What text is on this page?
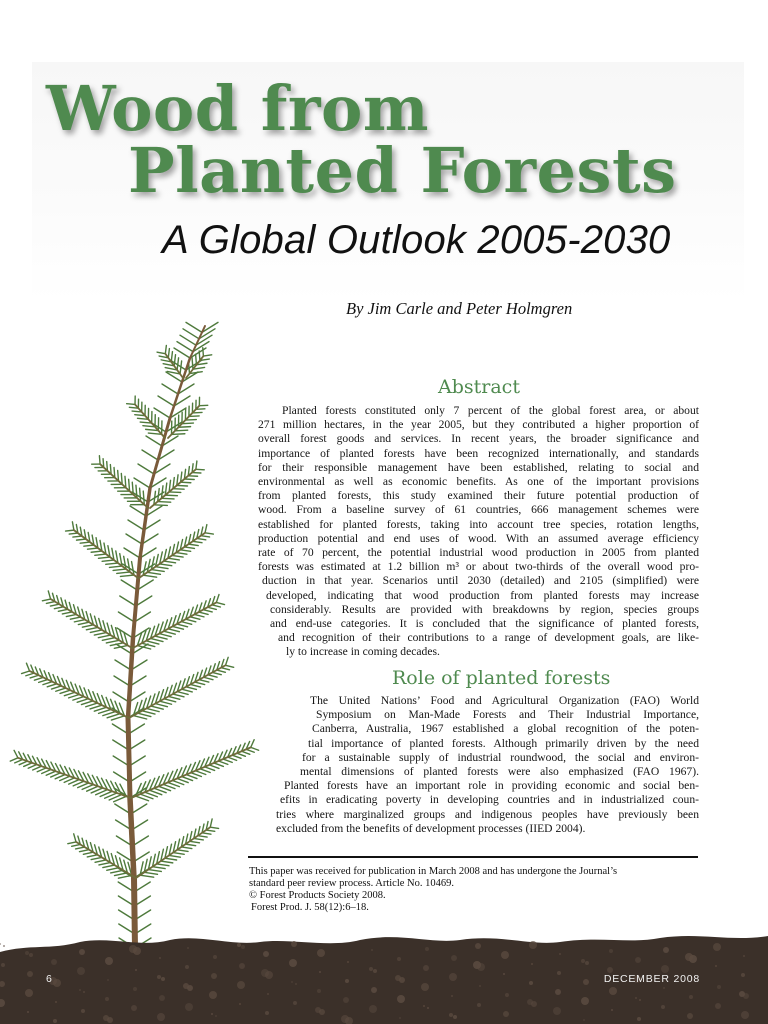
Wood from
Planted Forests
A Global Outlook 2005-2030
By Jim Carle and Peter Holmgren
Abstract
Planted forests constituted only 7 percent of the global forest area, or about
271 million hectares, in the year 2005, but they contributed a higher proportion of
overall forest goods and services. In recent years, the broader significance and
importance of planted forests have been recognized internationally, and standards
for their responsible management have been established, relating to social and
environmental as well as economic benefits. As one of the important provisions
from planted forests, this study examined their future potential production of
wood. From a baseline survey of 61 countries, 666 management schemes were
established for planted forests, taking into account tree species, rotation lengths,
production potential and end uses of wood. With an assumed average efficiency
rate of 70 percent, the potential industrial wood production in 2005 from planted
forests was estimated at 1.2 billion m³ or about two-thirds of the overall wood pro-
duction in that year. Scenarios until 2030 (detailed) and 2105 (simplified) were
developed, indicating that wood production from planted forests may increase
considerably. Results are provided with breakdowns by region, species groups
and end-use categories. It is concluded that the significance of planted forests,
and recognition of their contributions to a range of development goals, are like-
ly to increase in coming decades.
Role of planted forests
The United Nations’ Food and Agricultural Organization (FAO) World
Symposium on Man-Made Forests and Their Industrial Importance,
Canberra, Australia, 1967 established a global recognition of the poten-
tial importance of planted forests. Although primarily driven by the need
for a sustainable supply of industrial roundwood, the social and environ-
mental dimensions of planted forests were also emphasized (FAO 1967).
Planted forests have an important role in providing economic and social ben-
efits in eradicating poverty in developing countries and in industrialized coun-
tries where marginalized groups and indigenous peoples have previously been
excluded from the benefits of development processes (IIED 2004).
This paper was received for publication in March 2008 and has undergone the Journal’s
standard peer review process. Article No. 10469.
© Forest Products Society 2008.
Forest Prod. J. 58(12):6–18.
6	DECEMBER 2008
